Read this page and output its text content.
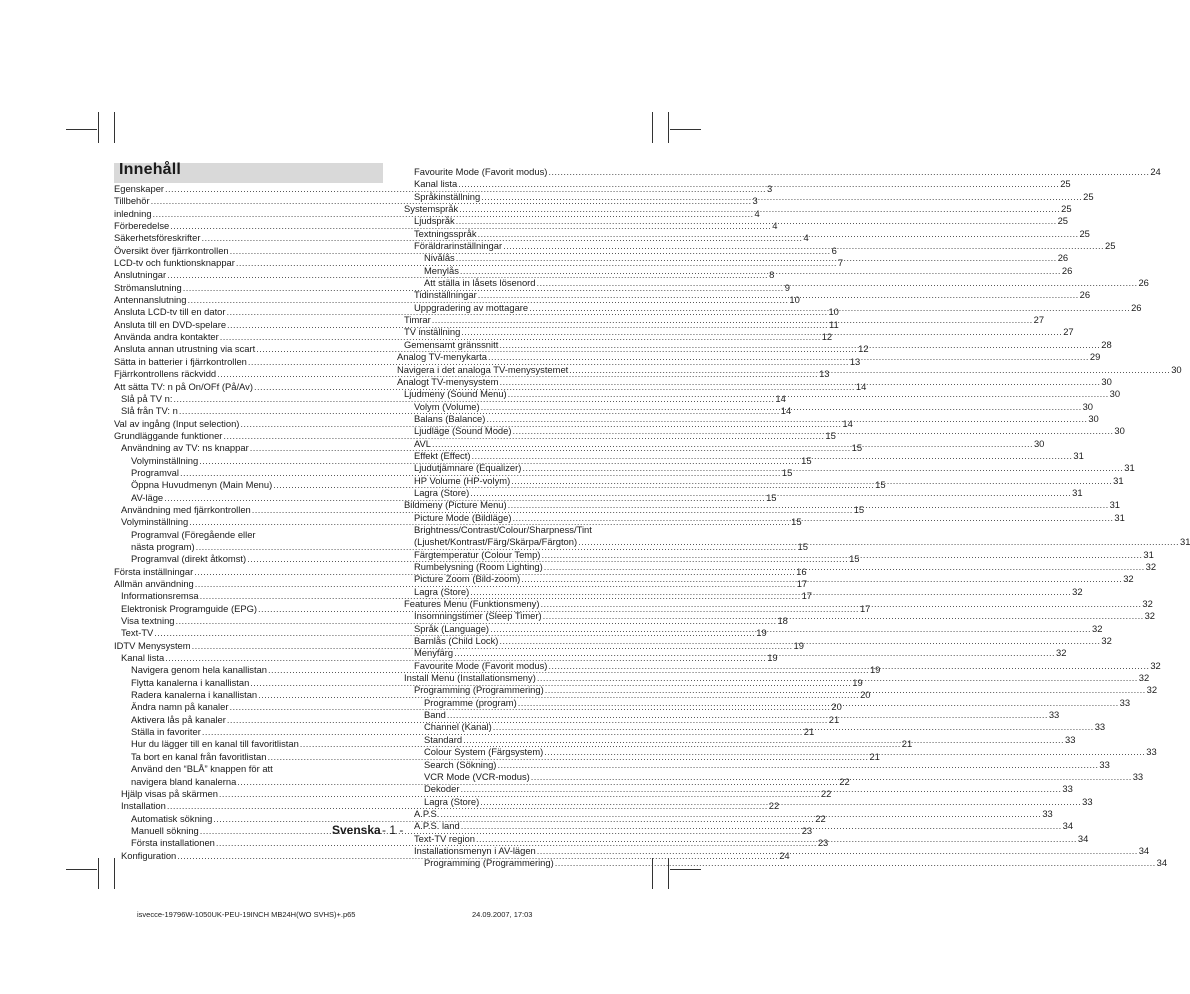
Innehåll
Egenskaper .....	3
Tillbehör .....	3
inledning .....	4
Förberedelse .....	4
Säkerhetsföreskrifter .....	4
Översikt över fjärrkontrollen .....	6
LCD-tv och funktionsknappar .....	7
Anslutningar .....	8
Strömanslutning .....	9
Antennanslutning .....	10
Ansluta LCD-tv till en dator .....	10
Ansluta till en DVD-spelare .....	11
Använda andra kontakter .....	12
Ansluta annan utrustning via scart .....	12
Sätta in batterier i fjärrkontrollen .....	13
Fjärrkontrollens räckvidd .....	13
Att sätta TV: n på On/OFf (På/Av) .....	14
Slå på TV n: .....	14
Slå från TV: n .....	14
Val av ingång (Input selection) .....	14
Grundläggande funktioner .....	15
Användning av TV: ns knappar .....	15
Volyminställning .....	15
Programval .....	15
Öppna Huvudmenyn (Main Menu) .....	15
AV-läge .....	15
Användning med fjärrkontrollen .....	15
Volyminställning .....	15
Programval (Föregående eller
nästa program) .....	15
Programval (direkt åtkomst) .....	15
Första inställningar .....	16
Allmän användning .....	17
Informationsremsa .....	17
Elektronisk Programguide (EPG) .....	17
Visa textning .....	18
Text-TV .....	19
IDTV Menysystem .....	19
Kanal lista .....	19
Navigera genom hela kanallistan .....	19
Flytta kanalerna i kanallistan .....	19
Radera kanalerna i kanallistan .....	20
Ändra namn på kanaler .....	20
Aktivera lås på kanaler .....	21
Ställa in favoriter .....	21
Hur du lägger till en kanal till favoritlistan .....	21
Ta bort en kanal från favoritlistan .....	21
Använd den “BLÅ” knappen för att
navigera bland kanalerna .....	22
Hjälp visas på skärmen .....	22
Installation .....	22
Automatisk sökning .....	22
Manuell sökning .....	23
Första installationen .....	23
Konfiguration .....	24
Favourite Mode (Favorit modus) .....	24
Kanal lista .....	25
Språkinställning .....	25
Systemspråk .....	25
Ljudspråk .....	25
Textningsspråk .....	25
Föräldrarinställningar .....	25
Nivålås .....	26
Menylås .....	26
Att ställa in låsets lösenord .....	26
Tidinställningar .....	26
Uppgradering av mottagare .....	26
Timrar .....	27
TV inställning .....	27
Gemensamt gränssnitt .....	28
Analog TV-menykarta .....	29
Navigera i det analoga TV-menysystemet .....	30
Analogt TV-menysystem .....	30
Ljudmeny (Sound Menu) .....	30
Volym (Volume) .....	30
Balans (Balance) .....	30
Ljudläge (Sound Mode) .....	30
AVL .....	30
Effekt (Effect) .....	31
Ljudutjämnare (Equalizer) .....	31
HP Volume (HP-volym) .....	31
Lagra (Store) .....	31
Bildmeny (Picture Menu) .....	31
Picture Mode (Bildläge) .....	31
Brightness/Contrast/Colour/Sharpness/Tint
(Ljushet/Kontrast/Färg/Skärpa/Färgton) .....	31
Färgtemperatur (Colour Temp) .....	31
Rumbelysning (Room Lighting) .....	32
Picture Zoom (Bild-zoom) .....	32
Lagra (Store) .....	32
Features Menu (Funktionsmeny) .....	32
Insomningstimer (Sleep Timer) .....	32
Språk (Language) .....	32
Barnlås (Child Lock) .....	32
Menyfärg .....	32
Favourite Mode (Favorit modus) .....	32
Install Menu (Installationsmeny) .....	32
Programming (Programmering) .....	32
Programme (program) .....	33
Band .....	33
Channel (Kanal) .....	33
Standard .....	33
Colour System (Färgsystem) .....	33
Search (Sökning) .....	33
VCR Mode (VCR-modus) .....	33
Dekoder .....	33
Lagra (Store) .....	33
A.P.S. .....	33
A.P.S. land .....	34
Text-TV region .....	34
Installationsmenyn i AV-lägen .....	34
Programming (Programmering) .....	34
Svenska - 1 -
isvecce-19796W-1050UK-PEU-19INCH MB24H(WO SVHS)+.p65	24.09.2007, 17:03
